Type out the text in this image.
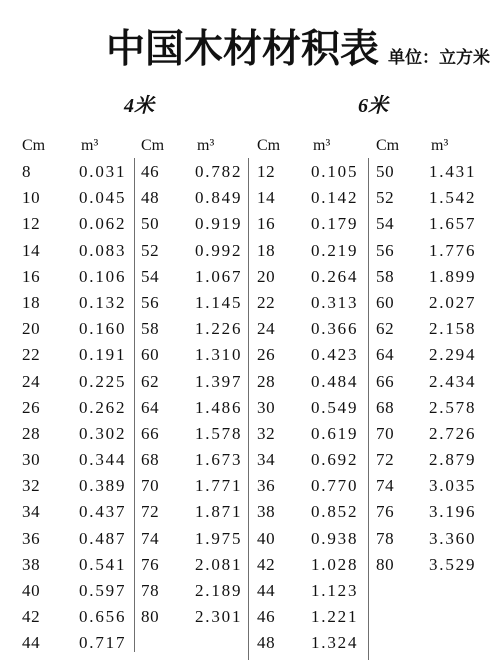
中国木材材积表 单位：立方米
4米	6米
Cm m³
8	0.031
10 0.045
12 0.062
14 0.083
16 0.106
18 0.132
20 0.160
22 0.191
24 0.225
26 0.262
28 0.302
30 0.344
32 0.389
34 0.437
36 0.487
38 0.541
40 0.597
42 0.656
44 0.717
Cm m³
46 0.782
48 0.849
50 0.919
52 0.992
54 1.067
56 1.145
58 1.226
60 1.310
62 1.397
64 1.486
66 1.578
68 1.673
70 1.771
72 1.871
74 1.975
76 2.081
78 2.189
80 2.301
Cm m³
12 0.105
14 0.142
16 0.179
18 0.219
20 0.264
22 0.313
24 0.366
26 0.423
28 0.484
30 0.549
32 0.619
34 0.692
36 0.770
38 0.852
40 0.938
42 1.028
44 1.123
46 1.221
48 1.324
Cm m³
50 1.431
52 1.542
54 1.657
56 1.776
58 1.899
60 2.027
62 2.158
64 2.294
66 2.434
68 2.578
70 2.726
72 2.879
74 3.035
76 3.196
78 3.360
80 3.529
